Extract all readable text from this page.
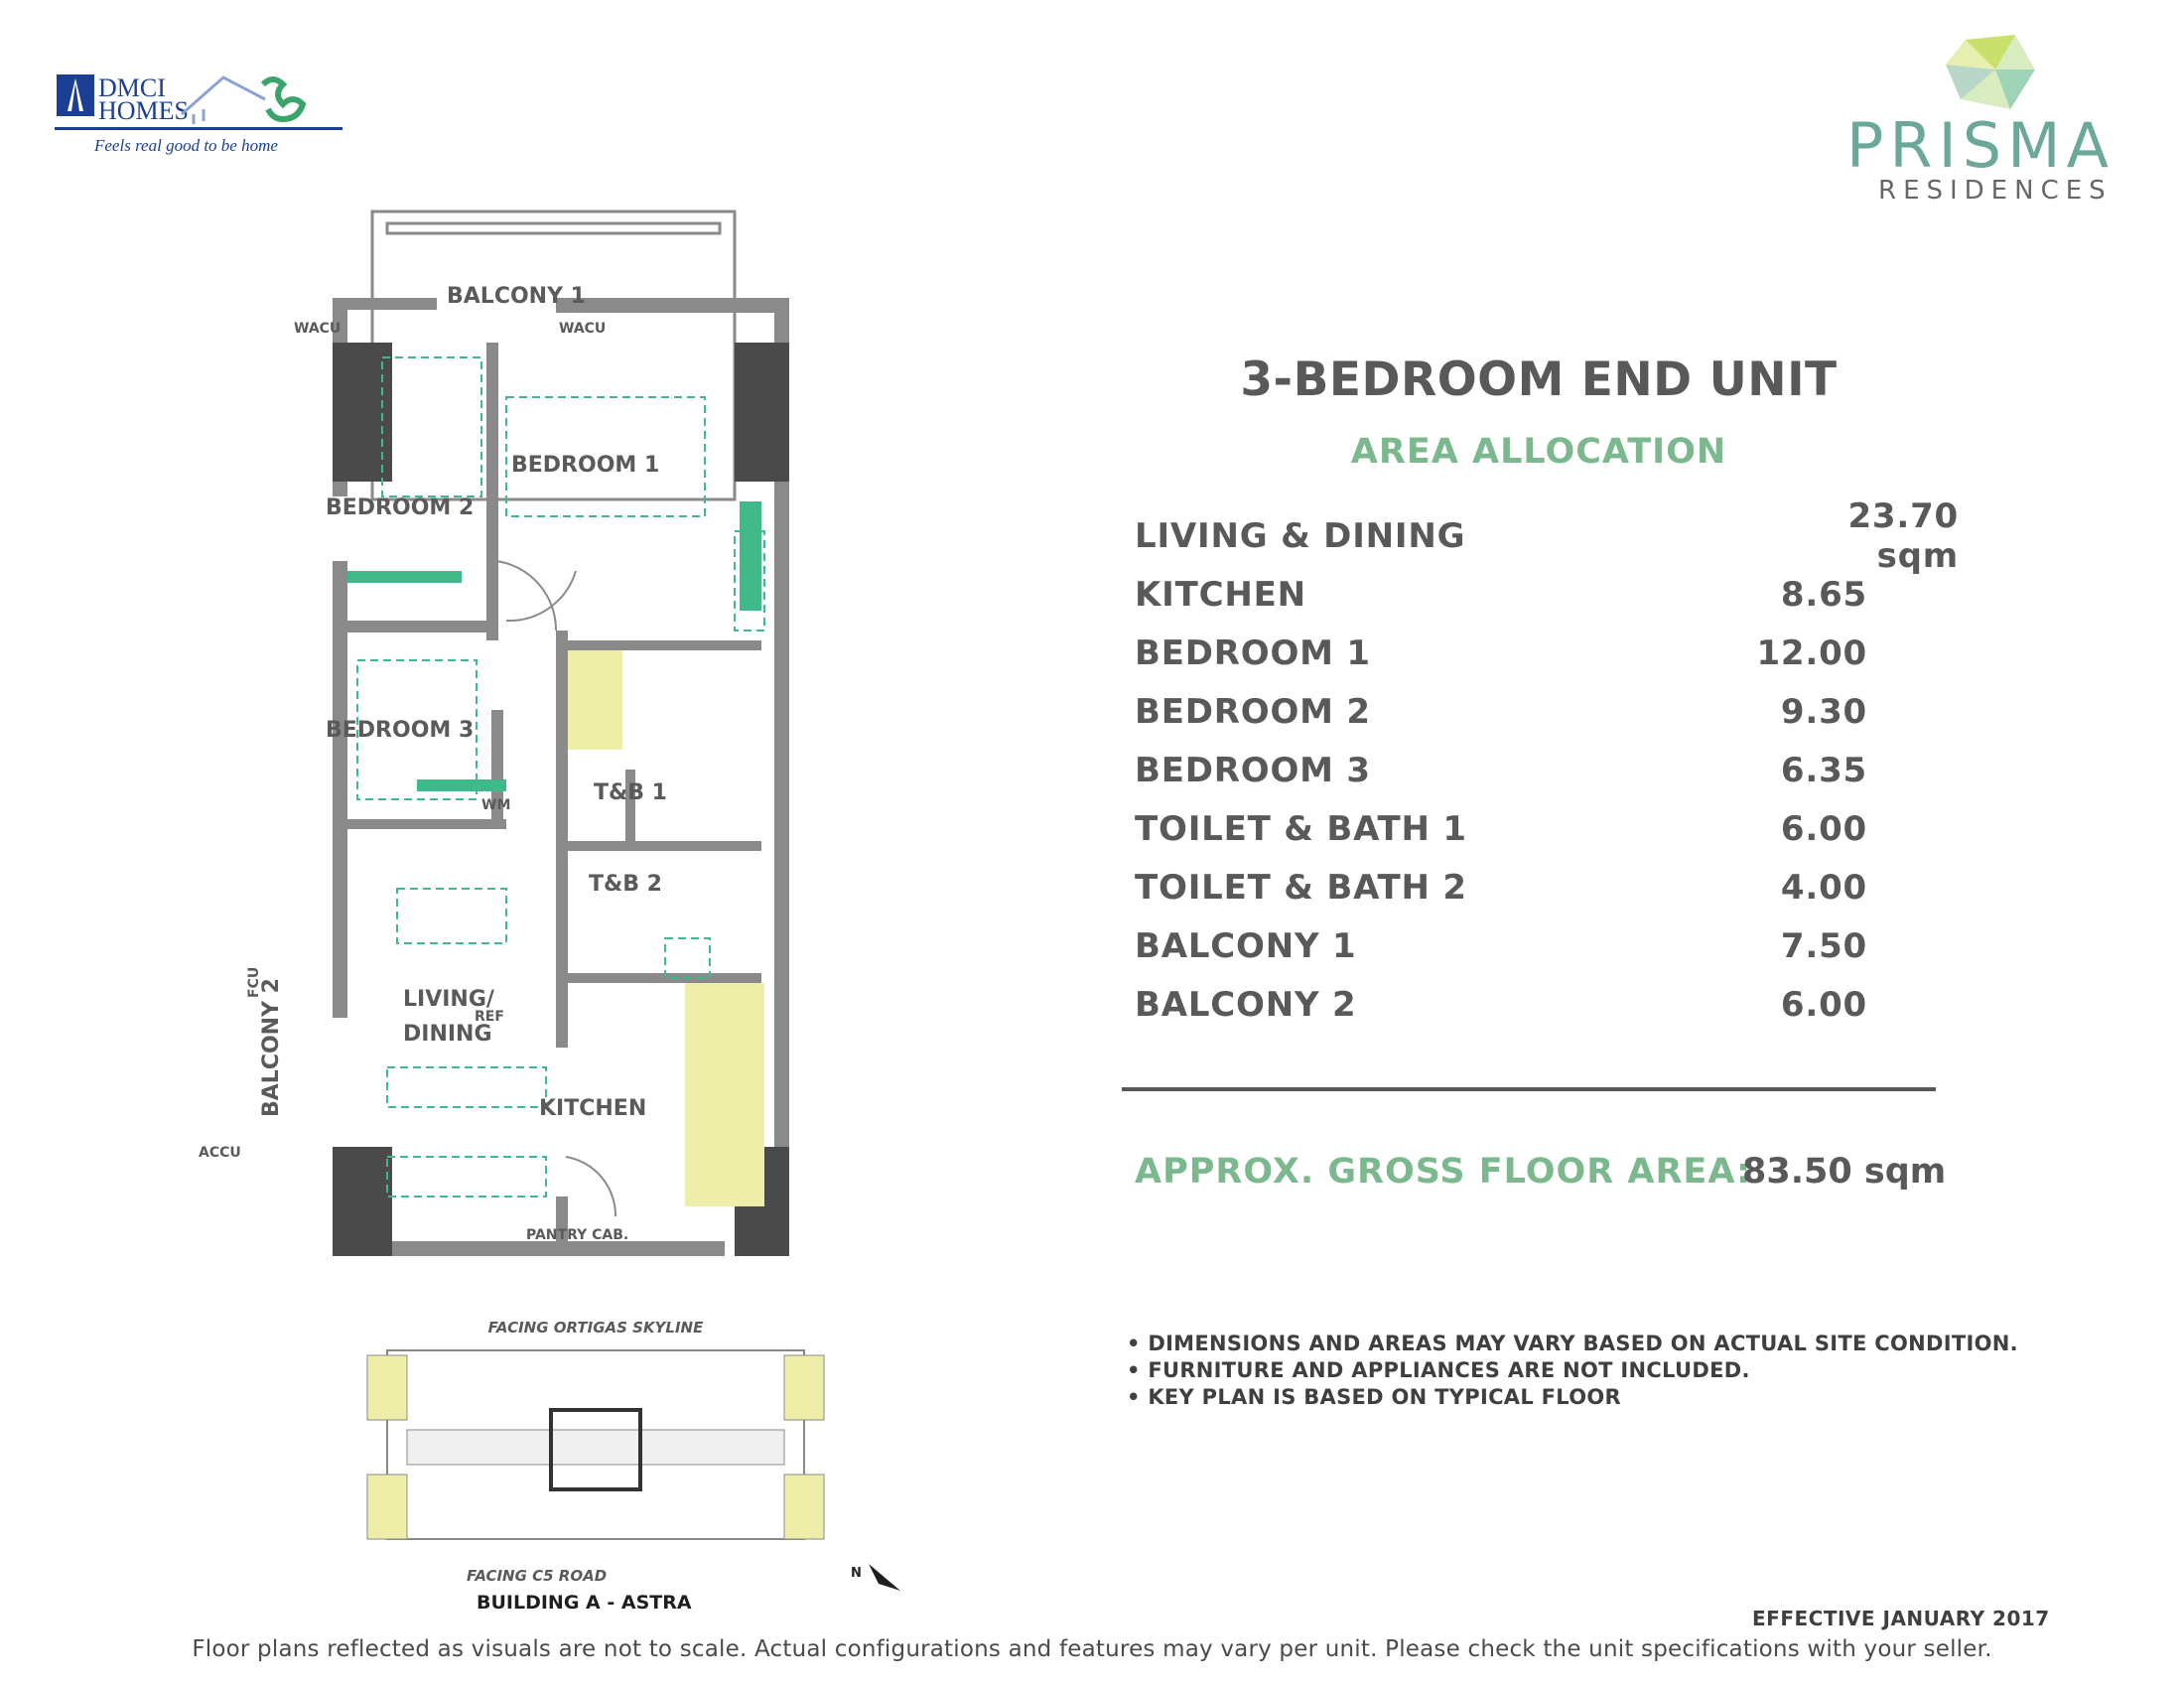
DMCI
HOMES
Feels real good to be home	PRISMA
RESIDENCES
BALCONY 1
BEDROOM 1
BEDROOM 2
BEDROOM 3
T&B 1
T&B 2
LIVING/
DINING
KITCHEN
BALCONY 2
WACU	WACU
WM
REF
ACCU
PANTRY CAB.
FCU
FACING ORTIGAS SKYLINE
FACING C5 ROAD
BUILDING A - ASTRA
N
3-BEDROOM END UNIT
AREA ALLOCATION
LIVING & DINING	23.70 sqm
KITCHEN	8.65
BEDROOM 1	12.00
BEDROOM 2	9.30
BEDROOM 3	6.35
TOILET & BATH 1	6.00
TOILET & BATH 2	4.00
BALCONY 1	7.50
BALCONY 2	6.00
APPROX. GROSS FLOOR AREA:
83.50 sqm
• DIMENSIONS AND AREAS MAY VARY BASED ON ACTUAL SITE CONDITION.
• FURNITURE AND APPLIANCES ARE NOT INCLUDED.
• KEY PLAN IS BASED ON TYPICAL FLOOR
EFFECTIVE JANUARY 2017
Floor plans reflected as visuals are not to scale. Actual configurations and features may vary per unit. Please check the unit specifications with your seller.
